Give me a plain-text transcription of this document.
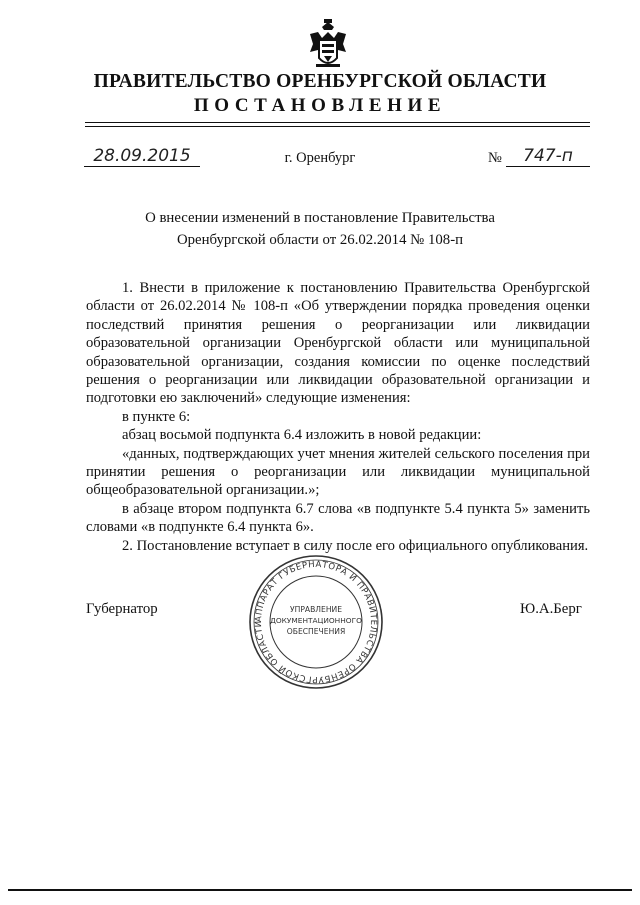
ПРАВИТЕЛЬСТВО ОРЕНБУРГСКОЙ ОБЛАСТИ
ПОСТАНОВЛЕНИЕ
28.09.2015	г. Оренбург	№	747-п
О внесении изменений в постановление Правительства
Оренбургской области от 26.02.2014 № 108-п

1. Внести в приложение к постановлению Правительства Оренбургской области от 26.02.2014 № 108-п «Об утверждении порядка проведения оценки последствий принятия решения о реорганизации или ликвидации образовательной организации Оренбургской области или муниципальной образовательной организации, создания комиссии по оценке последствий решения о реорганизации или ликвидации образовательной организации и подготовки ею заключений» следующие изменения:

в пункте 6:

абзац восьмой подпункта 6.4 изложить в новой редакции:

«данных, подтверждающих учет мнения жителей сельского поселения при принятии решения о реорганизации или ликвидации муниципальной общеобразовательной организации.»;

в абзаце втором подпункта 6.7 слова «в подпункте 5.4 пункта 5» заменить словами «в подпункте 6.4 пункта 6».

2. Постановление вступает в силу после его официального опубликования.

АППАРАТ ГУБЕРНАТОРА И ПРАВИТЕЛЬСТВА ОРЕНБУРГСКОЙ ОБЛАСТИ
УПРАВЛЕНИЕ
ДОКУМЕНТАЦИОННОГО
ОБЕСПЕЧЕНИЯ
Губернатор	Ю.А.Берг
